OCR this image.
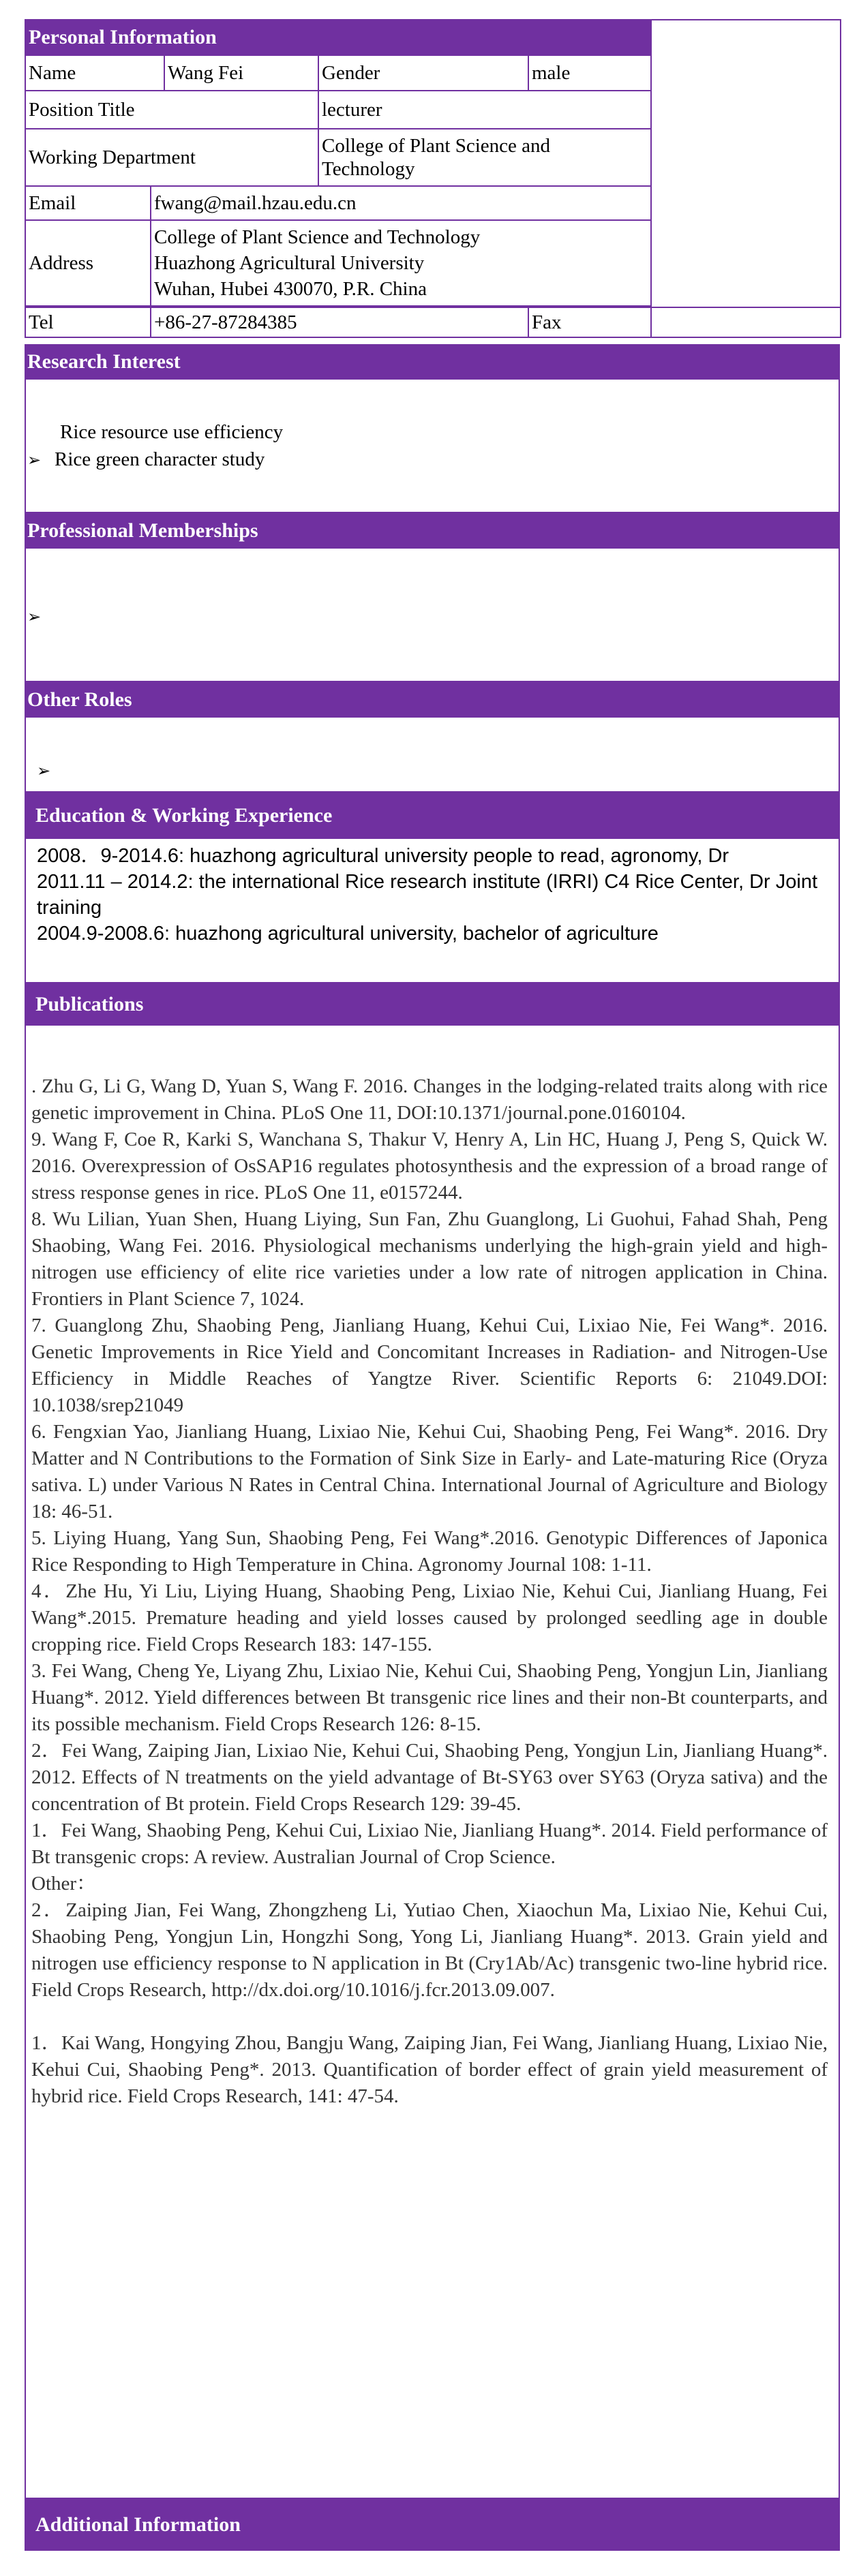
Personal Information					
Name		Wang Fei	Gender	male	
Position Title			lecturer		
Working Department			College of Plant Science and Technology		
Email	fwang@mail.hzau.edu.cn				
Address	College of Plant Science and Technology
Huazhong Agricultural University
Wuhan, Hubei 430070, P.R. China				

Tel	+86-27-87284385			Fax	
Research Interest
Rice resource use efficiency
➢ Rice green character study
Professional Memberships
➢
Other Roles
➢
Education & Working Experience

2008．9-2014.6: huazhong agricultural university people to read, agronomy, Dr

2011.11 – 2014.2: the international Rice research institute (IRRI) C4 Rice Center, Dr Joint training

2004.9-2008.6: huazhong agricultural university, bachelor of agriculture

Publications

. Zhu G, Li G, Wang D, Yuan S, Wang F. 2016. Changes in the lodging-related traits along with rice genetic improvement in China. PLoS One 11, DOI:10.1371/journal.pone.0160104.

9. Wang F, Coe R, Karki S, Wanchana S, Thakur V, Henry A, Lin HC, Huang J, Peng S, Quick W. 2016. Overexpression of OsSAP16 regulates photosynthesis and the expression of a broad range of stress response genes in rice. PLoS One 11, e0157244.

8. Wu Lilian, Yuan Shen, Huang Liying, Sun Fan, Zhu Guanglong, Li Guohui, Fahad Shah, Peng Shaobing, Wang Fei. 2016. Physiological mechanisms underlying the high-grain yield and high-nitrogen use efficiency of elite rice varieties under a low rate of nitrogen application in China. Frontiers in Plant Science 7, 1024.

7. Guanglong Zhu, Shaobing Peng, Jianliang Huang, Kehui Cui, Lixiao Nie, Fei Wang*. 2016. Genetic Improvements in Rice Yield and Concomitant Increases in Radiation- and Nitrogen-Use Efficiency in Middle Reaches of Yangtze River. Scientific Reports 6: 21049.DOI: 10.1038/srep21049

6. Fengxian Yao, Jianliang Huang, Lixiao Nie, Kehui Cui, Shaobing Peng, Fei Wang*. 2016. Dry Matter and N Contributions to the Formation of Sink Size in Early- and Late-maturing Rice (Oryza sativa. L) under Various N Rates in Central China. International Journal of Agriculture and Biology 18: 46-51.

5. Liying Huang, Yang Sun, Shaobing Peng, Fei Wang*.2016. Genotypic Differences of Japonica Rice Responding to High Temperature in China. Agronomy Journal 108: 1-11.

4．Zhe Hu, Yi Liu, Liying Huang, Shaobing Peng, Lixiao Nie, Kehui Cui, Jianliang Huang, Fei Wang*.2015. Premature heading and yield losses caused by prolonged seedling age in double cropping rice. Field Crops Research 183: 147-155.

3. Fei Wang, Cheng Ye, Liyang Zhu, Lixiao Nie, Kehui Cui, Shaobing Peng, Yongjun Lin, Jianliang Huang*. 2012. Yield differences between Bt transgenic rice lines and their non-Bt counterparts, and its possible mechanism. Field Crops Research 126: 8-15.

2．Fei Wang, Zaiping Jian, Lixiao Nie, Kehui Cui, Shaobing Peng, Yongjun Lin, Jianliang Huang*. 2012. Effects of N treatments on the yield advantage of Bt-SY63 over SY63 (Oryza sativa) and the concentration of Bt protein. Field Crops Research 129: 39-45.

1．Fei Wang, Shaobing Peng, Kehui Cui, Lixiao Nie, Jianliang Huang*. 2014. Field performance of Bt transgenic crops: A review. Australian Journal of Crop Science.

Other：

2．Zaiping Jian, Fei Wang, Zhongzheng Li, Yutiao Chen, Xiaochun Ma, Lixiao Nie, Kehui Cui, Shaobing Peng, Yongjun Lin, Hongzhi Song, Yong Li, Jianliang Huang*. 2013. Grain yield and nitrogen use efficiency response to N application in Bt (Cry1Ab/Ac) transgenic two-line hybrid rice. Field Crops Research, http://dx.doi.org/10.1016/j.fcr.2013.09.007.

1．Kai Wang, Hongying Zhou, Bangju Wang, Zaiping Jian, Fei Wang, Jianliang Huang, Lixiao Nie, Kehui Cui, Shaobing Peng*. 2013. Quantification of border effect of grain yield measurement of hybrid rice. Field Crops Research, 141: 47-54.

Additional Information
